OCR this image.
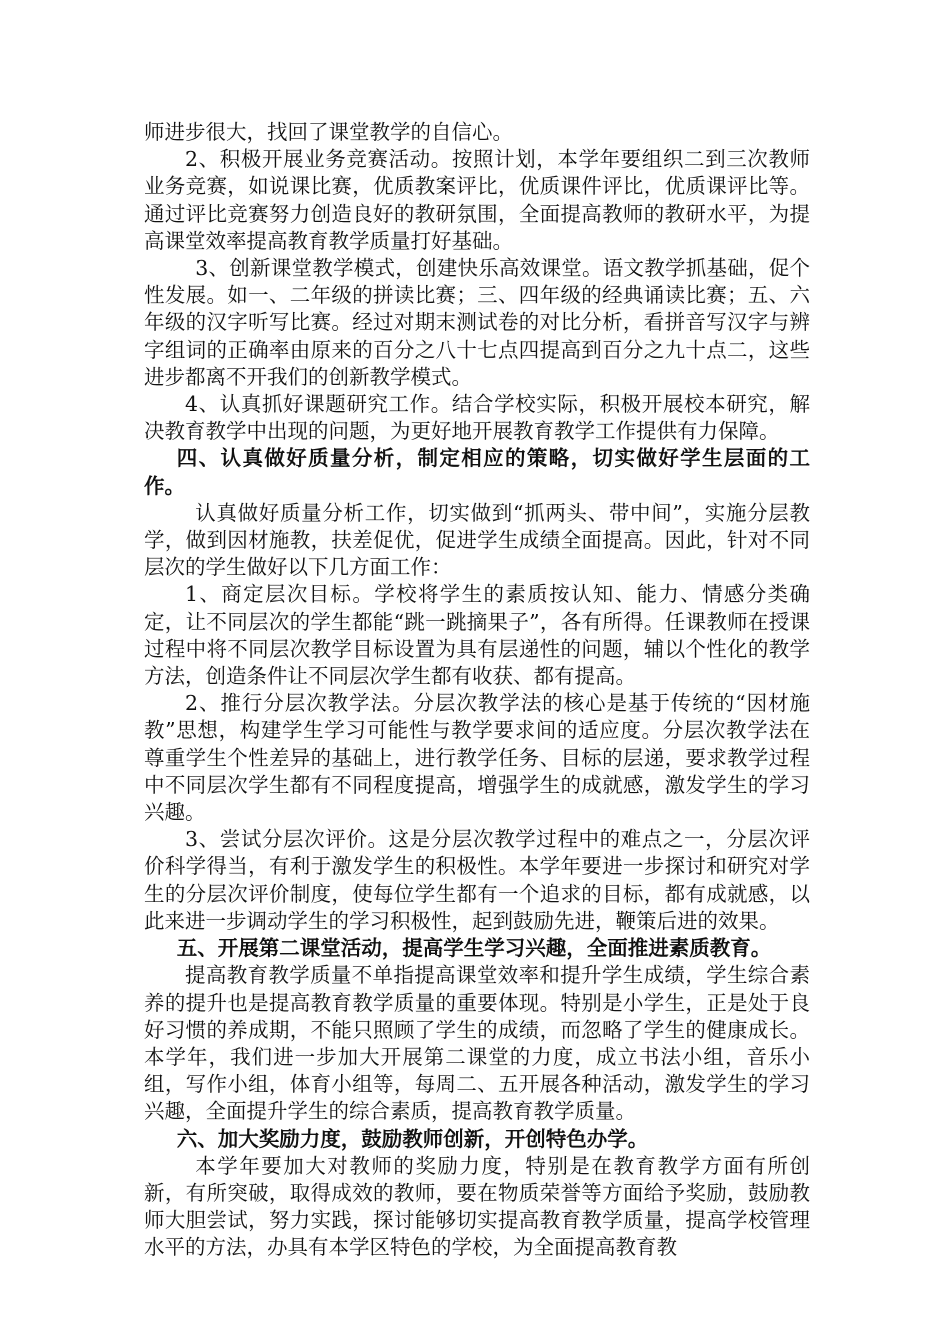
师进步很大，找回了课堂教学的自信心。

2、积极开展业务竞赛活动。按照计划，本学年要组织二到三次教师业务竞赛，如说课比赛，优质教案评比，优质课件评比，优质课评比等。通过评比竞赛努力创造良好的教研氛围，全面提高教师的教研水平，为提高课堂效率提高教育教学质量打好基础。

3、创新课堂教学模式，创建快乐高效课堂。语文教学抓基础，促个性发展。如一、二年级的拼读比赛；三、四年级的经典诵读比赛；五、六年级的汉字听写比赛。经过对期末测试卷的对比分析，看拼音写汉字与辨字组词的正确率由原来的百分之八十七点四提高到百分之九十点二，这些进步都离不开我们的创新教学模式。

4、认真抓好课题研究工作。结合学校实际，积极开展校本研究，解决教育教学中出现的问题，为更好地开展教育教学工作提供有力保障。

四、认真做好质量分析，制定相应的策略，切实做好学生层面的工作。

认真做好质量分析工作，切实做到“抓两头、带中间”，实施分层教学，做到因材施教，扶差促优，促进学生成绩全面提高。因此，针对不同层次的学生做好以下几方面工作：

1、商定层次目标。学校将学生的素质按认知、能力、情感分类确定，让不同层次的学生都能“跳一跳摘果子”，各有所得。任课教师在授课过程中将不同层次教学目标设置为具有层递性的问题，辅以个性化的教学方法，创造条件让不同层次学生都有收获、都有提高。

2、推行分层次教学法。分层次教学法的核心是基于传统的“因材施教”思想，构建学生学习可能性与教学要求间的适应度。分层次教学法在尊重学生个性差异的基础上，进行教学任务、目标的层递，要求教学过程中不同层次学生都有不同程度提高，增强学生的成就感，激发学生的学习兴趣。

3、尝试分层次评价。这是分层次教学过程中的难点之一，分层次评价科学得当，有利于激发学生的积极性。本学年要进一步探讨和研究对学生的分层次评价制度，使每位学生都有一个追求的目标，都有成就感，以此来进一步调动学生的学习积极性，起到鼓励先进，鞭策后进的效果。

五、开展第二课堂活动，提高学生学习兴趣，全面推进素质教育。

提高教育教学质量不单指提高课堂效率和提升学生成绩，学生综合素养的提升也是提高教育教学质量的重要体现。特别是小学生，正是处于良好习惯的养成期，不能只照顾了学生的成绩，而忽略了学生的健康成长。本学年，我们进一步加大开展第二课堂的力度，成立书法小组，音乐小组，写作小组，体育小组等，每周二、五开展各种活动，激发学生的学习兴趣，全面提升学生的综合素质，提高教育教学质量。

六、加大奖励力度，鼓励教师创新，开创特色办学。

本学年要加大对教师的奖励力度，特别是在教育教学方面有所创新，有所突破，取得成效的教师，要在物质荣誉等方面给予奖励，鼓励教师大胆尝试，努力实践，探讨能够切实提高教育教学质量，提高学校管理水平的方法，办具有本学区特色的学校，为全面提高教育教
